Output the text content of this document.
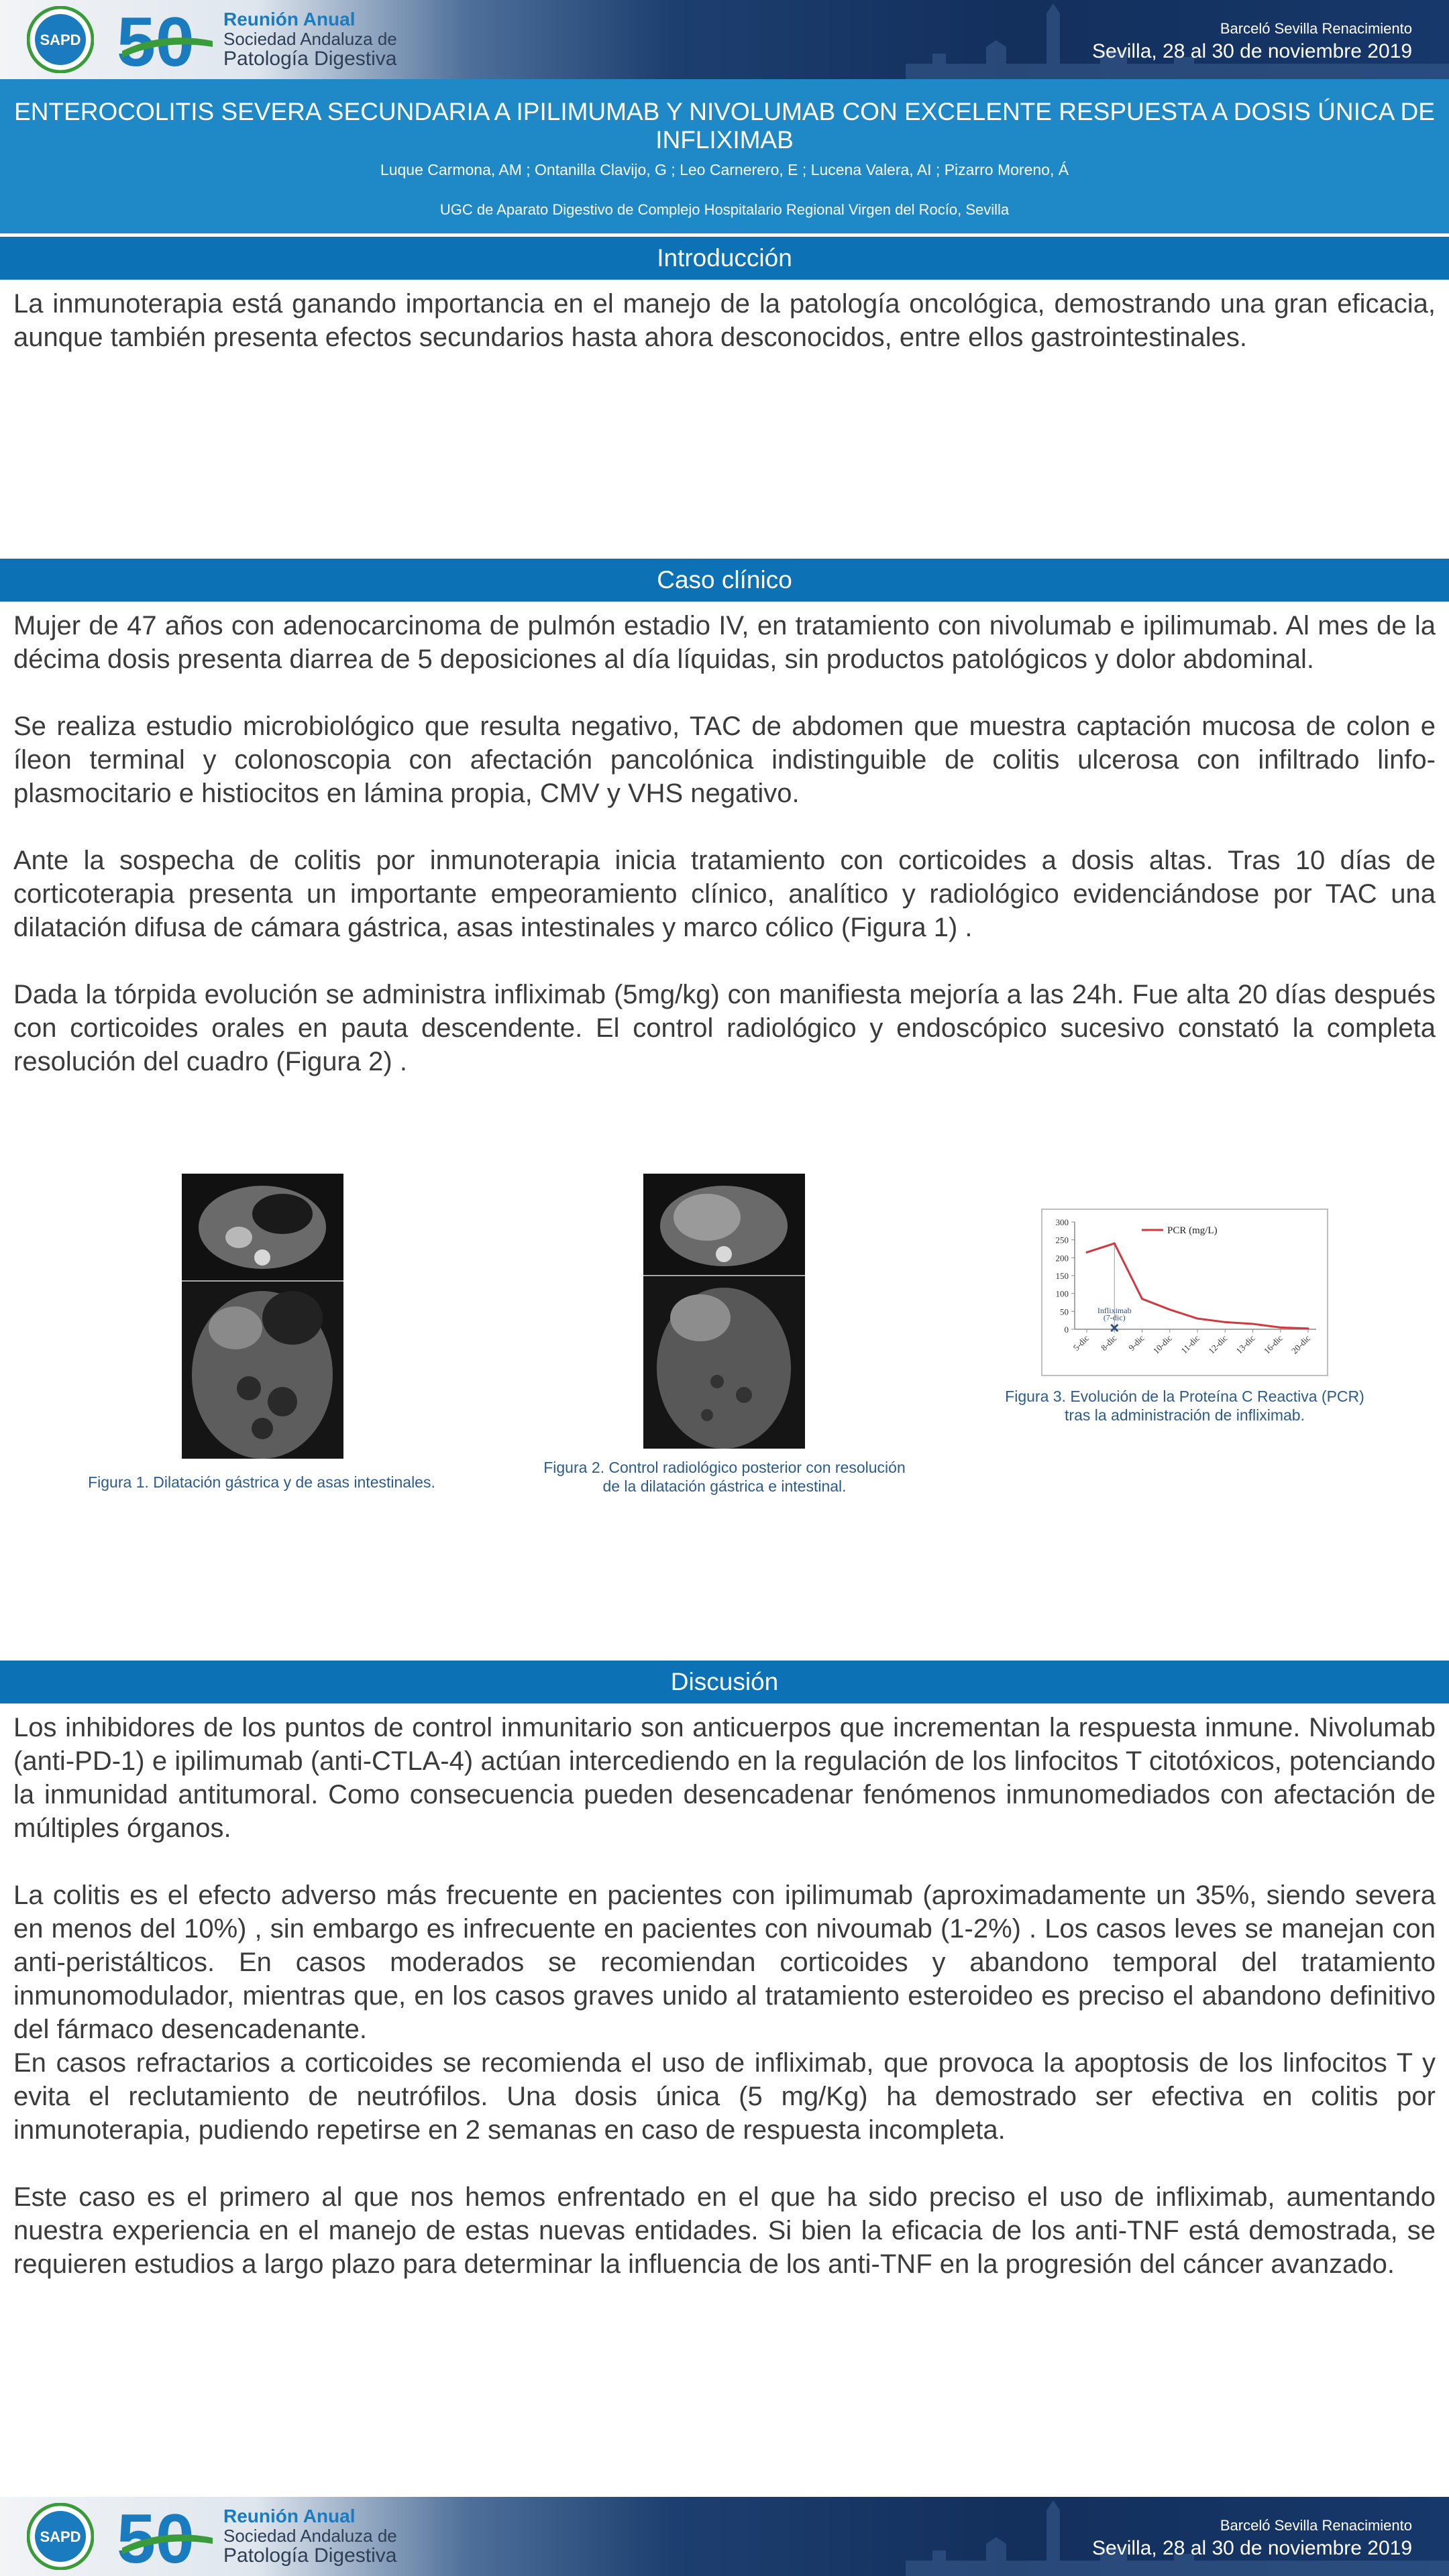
SAPD 50 Reunión Anual
Sociedad Andaluza de
Patología Digestiva
Barceló Sevilla Renacimiento
Sevilla, 28 al 30 de noviembre 2019
ENTEROCOLITIS SEVERA SECUNDARIA A IPILIMUMAB Y NIVOLUMAB CON EXCELENTE RESPUESTA A DOSIS ÚNICA DE INFLIXIMAB
Luque Carmona, AM ; Ontanilla Clavijo, G ; Leo Carnerero, E ; Lucena Valera, AI ; Pizarro Moreno, Á
UGC de Aparato Digestivo de Complejo Hospitalario Regional Virgen del Rocío, Sevilla
Introducción

La inmunoterapia está ganando importancia en el manejo de la patología oncológica, demostrando una gran eficacia, aunque también presenta efectos secundarios hasta ahora desconocidos, entre ellos gastrointestinales.

Caso clínico

Mujer de 47 años con adenocarcinoma de pulmón estadio IV, en tratamiento con nivolumab e ipilimumab. Al mes de la décima dosis presenta diarrea de 5 deposiciones al día líquidas, sin productos patológicos y dolor abdominal.

Se realiza estudio microbiológico que resulta negativo, TAC de abdomen que muestra captación mucosa de colon e íleon terminal y colonoscopia con afectación pancolónica indistinguible de colitis ulcerosa con infiltrado linfo-plasmocitario e histiocitos en lámina propia, CMV y VHS negativo.

Ante la sospecha de colitis por inmunoterapia inicia tratamiento con corticoides a dosis altas. Tras 10 días de corticoterapia presenta un importante empeoramiento clínico, analítico y radiológico evidenciándose por TAC una dilatación difusa de cámara gástrica, asas intestinales y marco cólico (Figura 1) .

Dada la tórpida evolución se administra infliximab (5mg/kg) con manifiesta mejoría a las 24h. Fue alta 20 días después con corticoides orales en pauta descendente. El control radiológico y endoscópico sucesivo constató la completa resolución del cuadro (Figura 2) .

Figura 1. Dilatación gástrica y de asas intestinales.
Figura 2. Control radiológico posterior con resolución
de la dilatación gástrica e intestinal.
0
50
100
150
200
250
300
5-dic 8-dic 9-dic 10-dic 11-dic 12-dic 13-dic 16-dic 20-dic
Infliximab
(7-dic)
PCR (mg/L)
Figura 3. Evolución de la Proteína C Reactiva (PCR)
tras la administración de infliximab.
Discusión

Los inhibidores de los puntos de control inmunitario son anticuerpos que incrementan la respuesta inmune. Nivolumab (anti-PD-1) e ipilimumab (anti-CTLA-4) actúan intercediendo en la regulación de los linfocitos T citotóxicos, potenciando la inmunidad antitumoral. Como consecuencia pueden desencadenar fenómenos inmunomediados con afectación de múltiples órganos.

La colitis es el efecto adverso más frecuente en pacientes con ipilimumab (aproximadamente un 35%, siendo severa en menos del 10%) , sin embargo es infrecuente en pacientes con nivoumab (1-2%) . Los casos leves se manejan con anti-peristálticos. En casos moderados se recomiendan corticoides y abandono temporal del tratamiento inmunomodulador, mientras que, en los casos graves unido al tratamiento esteroideo es preciso el abandono definitivo del fármaco desencadenante.

En casos refractarios a corticoides se recomienda el uso de infliximab, que provoca la apoptosis de los linfocitos T y evita el reclutamiento de neutrófilos. Una dosis única (5 mg/Kg) ha demostrado ser efectiva en colitis por inmunoterapia, pudiendo repetirse en 2 semanas en caso de respuesta incompleta.

Este caso es el primero al que nos hemos enfrentado en el que ha sido preciso el uso de infliximab, aumentando nuestra experiencia en el manejo de estas nuevas entidades. Si bien la eficacia de los anti-TNF está demostrada, se requieren estudios a largo plazo para determinar la influencia de los anti-TNF en la progresión del cáncer avanzado.

SAPD 50 Reunión Anual
Sociedad Andaluza de
Patología Digestiva
Barceló Sevilla Renacimiento
Sevilla, 28 al 30 de noviembre 2019
